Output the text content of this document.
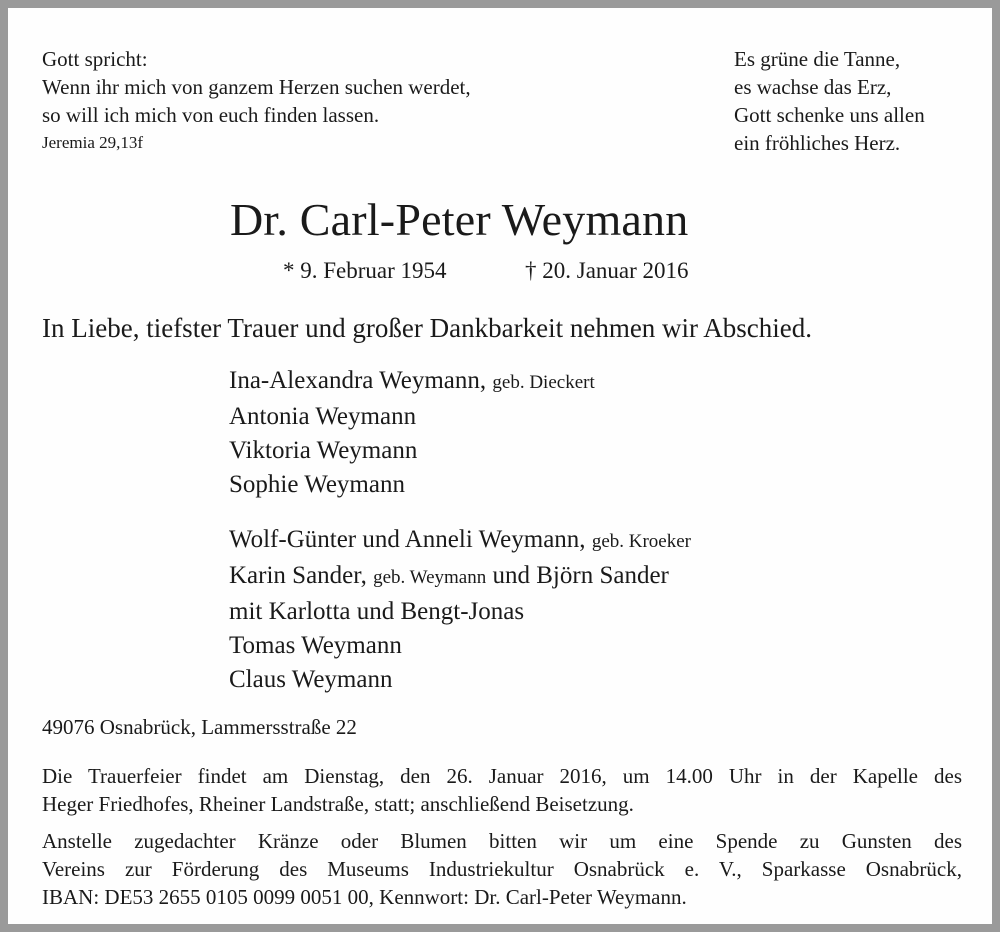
Gott spricht:
Wenn ihr mich von ganzem Herzen suchen werdet,
so will ich mich von euch finden lassen.
Jeremia 29,13f
Es grüne die Tanne,
es wachse das Erz,
Gott schenke uns allen
ein fröhliches Herz.
Dr. Carl-Peter Weymann
* 9. Februar 1954	† 20. Januar 2016
In Liebe, tiefster Trauer und großer Dankbarkeit nehmen wir Abschied.
Ina-Alexandra Weymann, geb. Dieckert
Antonia Weymann
Viktoria Weymann
Sophie Weymann
Wolf-Günter und Anneli Weymann, geb. Kroeker
Karin Sander, geb. Weymann und Björn Sander
mit Karlotta und Bengt-Jonas
Tomas Weymann
Claus Weymann
49076 Osnabrück, Lammersstraße 22
Die Trauerfeier findet am Dienstag, den 26. Januar 2016, um 14.00 Uhr in der Kapelle des
Heger Friedhofes, Rheiner Landstraße, statt; anschließend Beisetzung.
Anstelle zugedachter Kränze oder Blumen bitten wir um eine Spende zu Gunsten des
Vereins zur Förderung des Museums Industriekultur Osnabrück e. V., Sparkasse Osnabrück,
IBAN: DE53 2655 0105 0099 0051 00, Kennwort: Dr. Carl-Peter Weymann.
